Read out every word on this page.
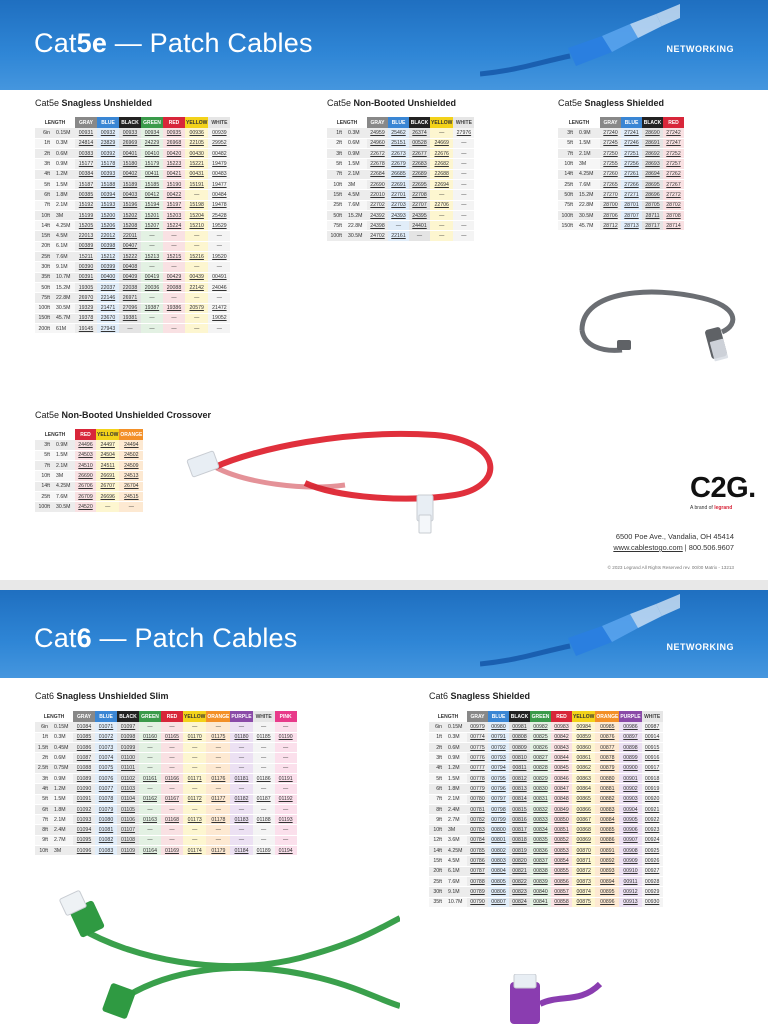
Cat5e — Patch Cables	NETWORKING
Cat5e Snagless Unshielded
LENGTH		GRAY	BLUE	BLACK	GREEN	RED	YELLOW	WHITE
6in	0.15M	00931	00932	00933	00934	00935	00936	00939
1ft	0.3M	24814	23829	26969	24229	26968	22105	29952
2ft	0.6M	00383	00392	00401	00410	00420	00430	00482
3ft	0.9M	15177	15178	15180	15179	15223	15221	19479
4ft	1.2M	00384	00393	00402	00411	00421	00431	00483
5ft	1.5M	15187	15188	15189	15185	15190	15191	19477
6ft	1.8M	00385	00394	00403	00412	00422	—	00484
7ft	2.1M	15192	15193	15196	15194	15197	15198	19478
10ft	3M	15199	15200	15202	15201	15203	15204	25428
14ft	4.25M	15205	15206	15208	15207	15224	15210	19529
15ft	4.5M	22013	22012	22011	—	—	—	—
20ft	6.1M	00389	00398	00407	—	—	—	—
25ft	7.6M	15211	15212	15222	15213	15215	15216	19520
30ft	9.1M	00390	00399	00408	—	—	—	—
35ft	10.7M	00391	00400	00409	00419	00429	00439	00491
50ft	15.2M	19305	22037	22038	20036	20088	22142	24046
75ft	22.8M	26970	22146	26971	—	—	—	—
100ft	30.5M	19329	21471	27096	19387	19386	20579	21472
150ft	45.7M	19378	23670	19381	—	—	—	19052
200ft	61M	19145	27943	—	—	—	—	—
Cat5e Non-Booted Unshielded
LENGTH		GRAY	BLUE	BLACK	YELLOW	WHITE
1ft	0.3M	24959	25462	26374	—	27976
2ft	0.6M	24960	25151	00528	24669	—
3ft	0.9M	22672	22673	22677	22676	—
5ft	1.5M	22678	22679	22683	22682	—
7ft	2.1M	22684	26685	22689	22688	—
10ft	3M	22690	22691	22695	22694	—
15ft	4.5M	22010	22701	22708	—	—
25ft	7.6M	22702	22703	22707	22706	—
50ft	15.2M	24392	24393	24395	—	—
75ft	22.8M	24398	—	24401	—	—
100ft	30.5M	24702	22161	—	—	—
Cat5e Snagless Shielded
LENGTH		GRAY	BLUE	BLACK	RED
3ft	0.9M	27240	27241	28690	27242
5ft	1.5M	27245	27246	28691	27247
7ft	2.1M	27250	27251	28692	27252
10ft	3M	27255	27256	28693	27257
14ft	4.25M	27260	27261	28694	27262
25ft	7.6M	27265	27266	28695	27267
50ft	15.2M	27270	27271	28696	27272
75ft	22.8M	28700	28701	28705	28702
100ft	30.5M	28706	28707	28711	28708
150ft	45.7M	28712	28713	28717	28714
Cat5e Non-Booted Unshielded Crossover
LENGTH		RED	YELLOW	ORANGE
3ft	0.9M	24496	24497	24494
5ft	1.5M	24503	24504	24502
7ft	2.1M	24510	24511	24509
10ft	3M	26690	26691	24513
14ft	4.25M	26706	26707	26704
25ft	7.6M	26709	26696	24515
100ft	30.5M	24520	—	—
C2G.
A brand of legrand
6500 Poe Ave., Vandalia, OH 45414
www.cablestogo.com | 800.506.9607
© 2023 Legrand All Rights Reserved rev. 00/00 Matrix - 13213
Cat6 — Patch Cables	NETWORKING
Cat6 Snagless Unshielded Slim
LENGTH		GRAY	BLUE	BLACK	GREEN	RED	YELLOW	ORANGE	PURPLE	WHITE	PINK
6in	0.15M	01084	01071	01097	—	—	—	—	—	—	—
1ft	0.3M	01085	01072	01098	01160	01165	01170	01175	01180	01185	01190
1.5ft	0.45M	01086	01073	01099	—	—	—	—	—	—	—
2ft	0.6M	01087	01074	01100	—	—	—	—	—	—	—
2.5ft	0.75M	01088	01075	01101	—	—	—	—	—	—	—
3ft	0.9M	01089	01076	01102	01161	01166	01171	01176	01181	01186	01191
4ft	1.2M	01090	01077	01103	—	—	—	—	—	—	—
5ft	1.5M	01091	01078	01104	01162	01167	01172	01177	01182	01187	01192
6ft	1.8M	01092	01079	01105	—	—	—	—	—	—	—
7ft	2.1M	01093	01080	01106	01163	01168	01173	01178	01183	01188	01193
8ft	2.4M	01094	01081	01107	—	—	—	—	—	—	—
9ft	2.7M	01095	01082	01108	—	—	—	—	—	—	—
10ft	3M	01096	01083	01109	01164	01169	01174	01179	01184	01189	01194
Cat6 Snagless Shielded
LENGTH		GRAY	BLUE	BLACK	GREEN	RED	YELLOW	ORANGE	PURPLE	WHITE
6in	0.15M	00979	00980	00981	00982	00983	00984	00985	00986	00987
1ft	0.3M	00774	00791	00808	00825	00842	00859	00876	00897	00914
2ft	0.6M	00775	00792	00809	00826	00843	00860	00877	00898	00915
3ft	0.9M	00776	00793	00810	00827	00844	00861	00878	00899	00916
4ft	1.2M	00777	00794	00811	00828	00845	00862	00879	00900	00917
5ft	1.5M	00778	00795	00812	00829	00846	00863	00880	00901	00918
6ft	1.8M	00779	00796	00813	00830	00847	00864	00881	00902	00919
7ft	2.1M	00780	00797	00814	00831	00848	00865	00882	00903	00920
8ft	2.4M	00781	00798	00815	00832	00849	00866	00883	00904	00921
9ft	2.7M	00782	00799	00816	00833	00850	00867	00884	00905	00922
10ft	3M	00783	00800	00817	00834	00851	00868	00885	00906	00923
12ft	3.6M	00784	00801	00818	00835	00852	00869	00886	00907	00924
14ft	4.25M	00785	00802	00819	00836	00853	00870	00891	00908	00925
15ft	4.5M	00786	00803	00820	00837	00854	00871	00892	00909	00926
20ft	6.1M	00787	00804	00821	00838	00855	00872	00893	00910	00927
25ft	7.6M	00788	00805	00822	00839	00856	00873	00894	00911	00928
30ft	9.1M	00789	00806	00823	00840	00857	00874	00895	00912	00929
35ft	10.7M	00790	00807	00824	00841	00858	00875	00896	00913	00930
